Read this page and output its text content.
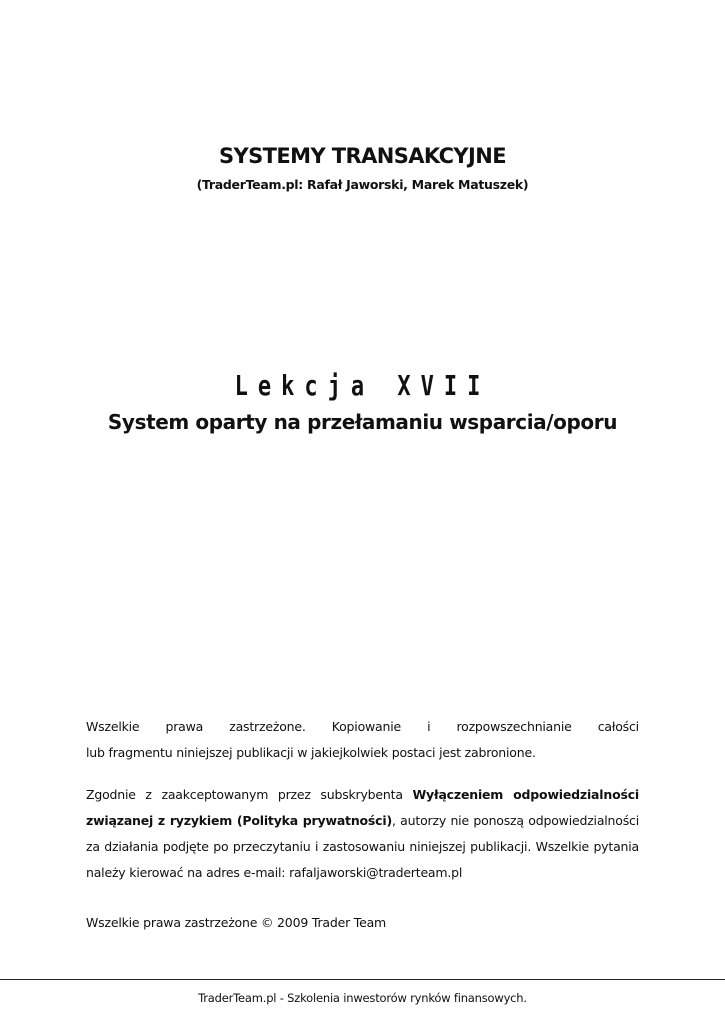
SYSTEMY TRANSAKCYJNE

(TraderTeam.pl: Rafał Jaworski, Marek Matuszek)

Lekcja XVII
System oparty na przełamaniu wsparcia/oporu
Wszelkie prawa zastrzeżone. Kopiowanie i rozpowszechnianie całości
lub fragmentu niniejszej publikacji w jakiejkolwiek postaci jest zabronione.
Zgodnie z zaakceptowanym przez subskrybenta Wyłączeniem odpowiedzialności związanej z ryzykiem (Polityka prywatności), autorzy nie ponoszą odpowiedzialności za działania podjęte po przeczytaniu i zastosowaniu niniejszej publikacji. Wszelkie pytania należy kierować na adres e-mail: rafaljaworski@traderteam.pl
Wszelkie prawa zastrzeżone © 2009 Trader Team
TraderTeam.pl - Szkolenia inwestorów rynków finansowych.
